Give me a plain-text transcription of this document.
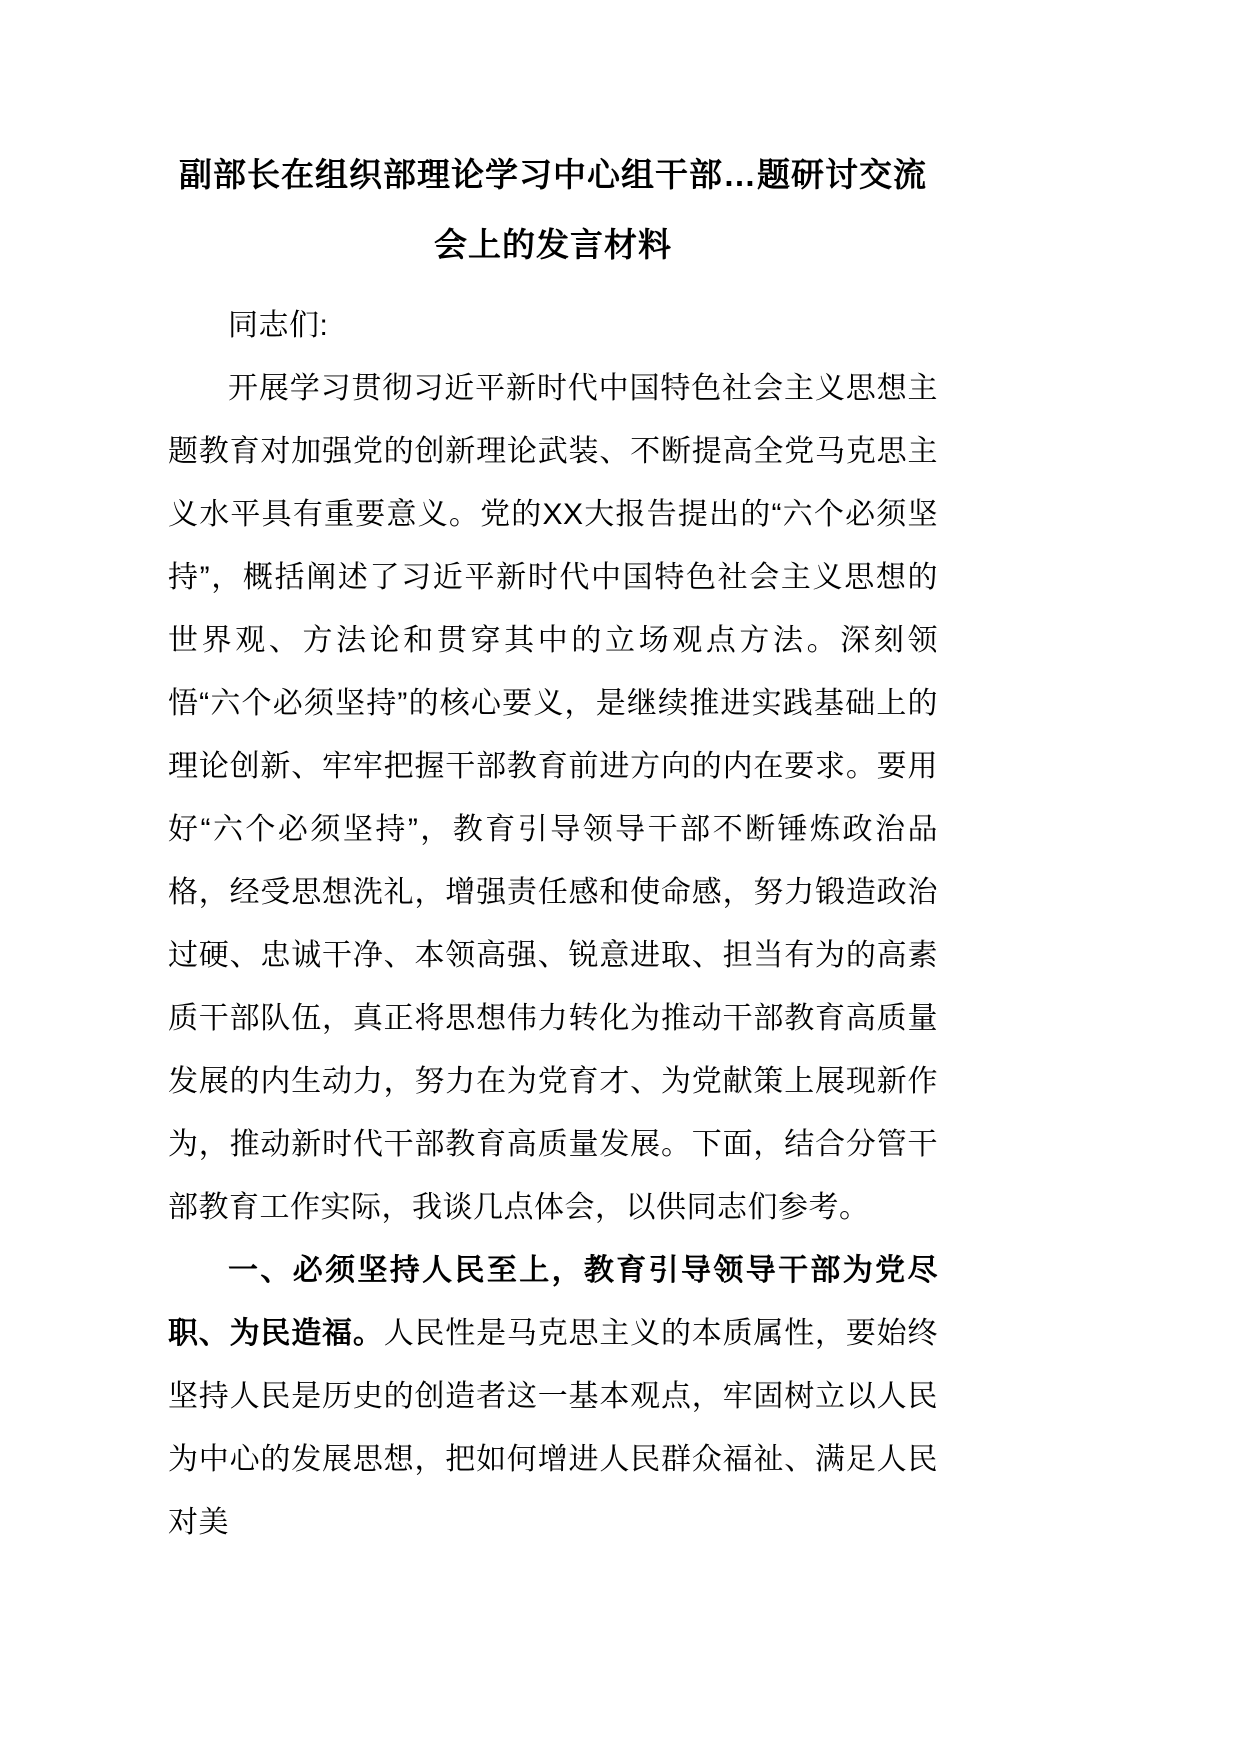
副部长在组织部理论学习中心组干部…题研讨交流会上的发言材料

同志们:

开展学习贯彻习近平新时代中国特色社会主义思想主题教育对加强党的创新理论武装、不断提高全党马克思主义水平具有重要意义。党的XX大报告提出的“六个必须坚持”，概括阐述了习近平新时代中国特色社会主义思想的世界观、方法论和贯穿其中的立场观点方法。深刻领悟“六个必须坚持”的核心要义，是继续推进实践基础上的理论创新、牢牢把握干部教育前进方向的内在要求。要用好“六个必须坚持”，教育引导领导干部不断锤炼政治品格，经受思想洗礼，增强责任感和使命感，努力锻造政治过硬、忠诚干净、本领高强、锐意进取、担当有为的高素质干部队伍，真正将思想伟力转化为推动干部教育高质量发展的内生动力，努力在为党育才、为党献策上展现新作为，推动新时代干部教育高质量发展。下面，结合分管干部教育工作实际，我谈几点体会，以供同志们参考。

一、必须坚持人民至上，教育引导领导干部为党尽职、为民造福。人民性是马克思主义的本质属性，要始终坚持人民是历史的创造者这一基本观点，牢固树立以人民为中心的发展思想，把如何增进人民群众福祉、满足人民对美
